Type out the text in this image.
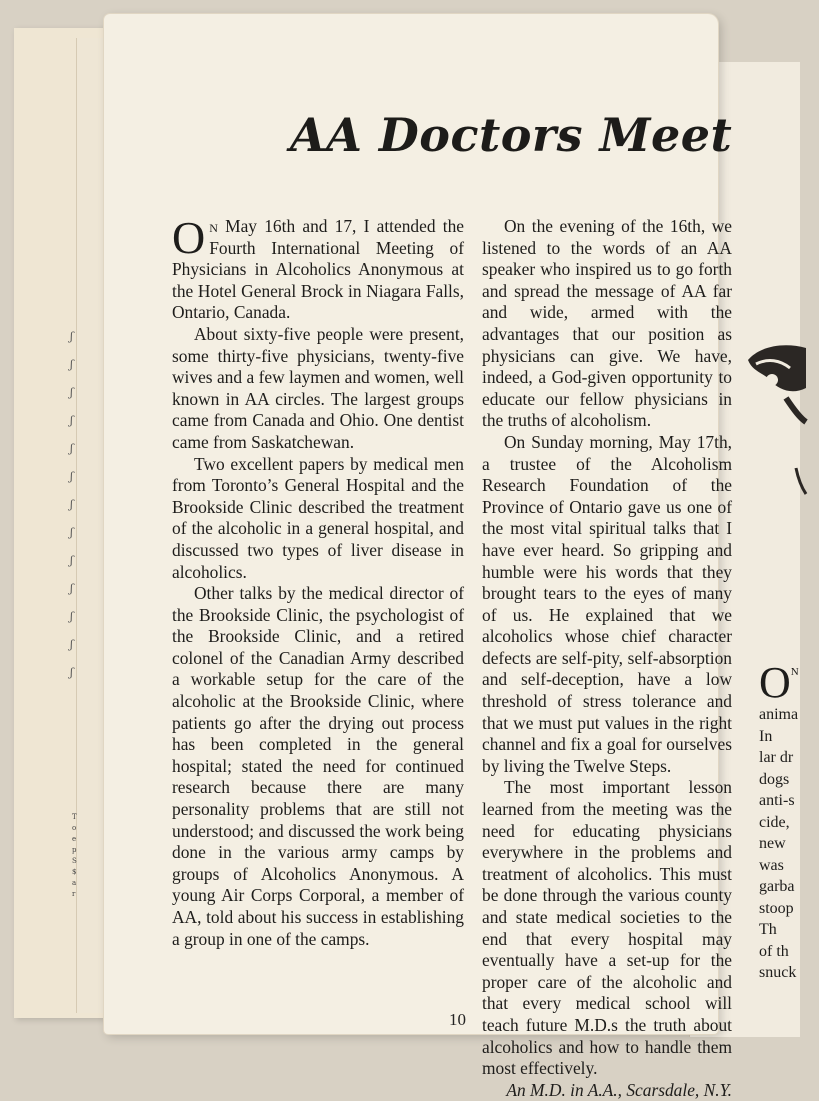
ʃ
ʃ
ʃ
ʃ
ʃ
ʃ
ʃ
ʃ
ʃ
ʃ
ʃ
ʃ
ʃ
T
o
e
p
S
$
a
r
$O^N$
anima
In
lar dr
dogs
anti-s
cide,
new
was
garba
stoop
Th
of th
snuck
AA Doctors Meet

On May 16th and 17, I attended the Fourth International Meeting of Physicians in Alcoholics Anonymous at the Hotel General Brock in Niagara Falls, Ontario, Canada.

About sixty-five people were present, some thirty-five physicians, twenty-five wives and a few laymen and women, well known in AA circles. The largest groups came from Canada and Ohio. One dentist came from Saskatchewan.

Two excellent papers by medical men from Toronto’s General Hospital and the Brookside Clinic described the treatment of the alcoholic in a general hospital, and discussed two types of liver disease in alcoholics.

Other talks by the medical director of the Brookside Clinic, the psychologist of the Brookside Clinic, and a retired colonel of the Canadian Army described a workable setup for the care of the alcoholic at the Brookside Clinic, where patients go after the drying out process has been completed in the general hospital; stated the need for continued research because there are many personality problems that are still not understood; and discussed the work being done in the various army camps by groups of Alcoholics Anonymous. A young Air Corps Corporal, a member of AA, told about his success in establishing a group in one of the camps.

On the evening of the 16th, we listened to the words of an AA speaker who inspired us to go forth and spread the message of AA far and wide, armed with the advantages that our position as physicians can give. We have, indeed, a God-given opportunity to educate our fellow physicians in the truths of alcoholism.

On Sunday morning, May 17th, a trustee of the Alcoholism Research Foundation of the Province of Ontario gave us one of the most vital spiritual talks that I have ever heard. So gripping and humble were his words that they brought tears to the eyes of many of us. He explained that we alcoholics whose chief character defects are self-pity, self-absorption and self-deception, have a low threshold of stress tolerance and that we must put values in the right channel and fix a goal for ourselves by living the Twelve Steps.

The most important lesson learned from the meeting was the need for educating physicians everywhere in the problems and treatment of alcoholics. This must be done through the various county and state medical societies to the end that every hospital may eventually have a set-up for the proper care of the alcoholic and that every medical school will teach future M.D.s the truth about alcoholics and how to handle them most effectively.

An M.D. in A.A., Scarsdale, N.Y.

10
